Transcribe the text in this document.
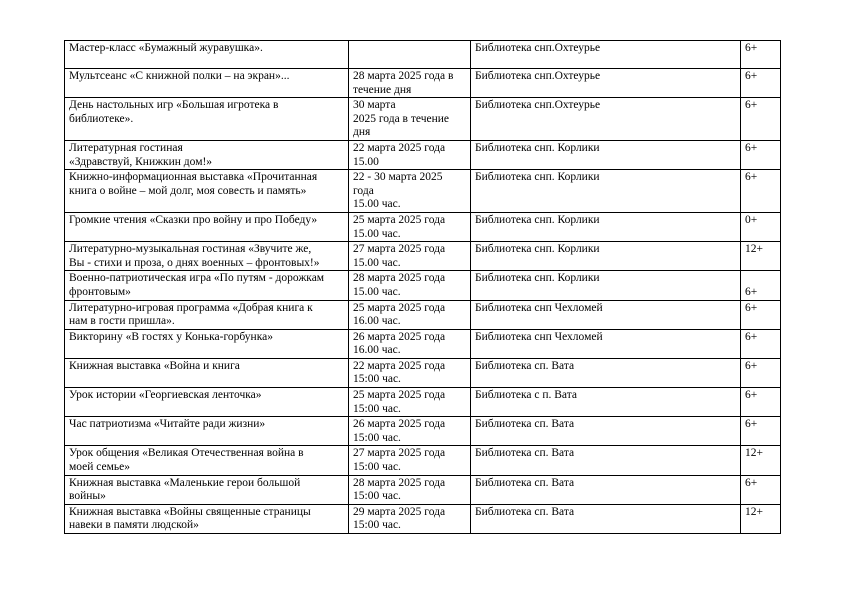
Мастер-класс «Бумажный журавушка».		Библиотека снп.Охтеурье	6+
Мультсеанс «С книжной полки – на экран»...	28 марта 2025 года в
течение дня	Библиотека снп.Охтеурье	6+
День настольных игр «Большая игротека в
библиотеке».	30 марта
2025 года в течение
дня	Библиотека снп.Охтеурье	6+
Литературная гостиная
«Здравствуй, Книжкин дом!»	22 марта 2025 года
15.00	Библиотека снп. Корлики	6+
Книжно-информационная выставка «Прочитанная
книга о войне – мой долг, моя совесть и память»	22 - 30 марта 2025
года
15.00 час.	Библиотека снп. Корлики	6+
Громкие чтения «Сказки про войну и про Победу»	25 марта 2025 года
15.00 час.	Библиотека снп. Корлики	0+
Литературно-музыкальная гостиная «Звучите же,
Вы - стихи и проза, о днях военных – фронтовых!»	27 марта 2025 года
15.00 час.	Библиотека снп. Корлики	12+
Военно-патриотическая игра «По путям - дорожкам
фронтовым»	28 марта 2025 года
15.00 час.	Библиотека снп. Корлики	6+
Литературно-игровая программа «Добрая книга к
нам в гости пришла».	25 марта 2025 года
16.00 час.	Библиотека снп Чехломей	6+
Викторину «В гостях у Конька-горбунка»	26 марта 2025 года
16.00 час.	Библиотека снп Чехломей	6+
Книжная выставка «Война и книга	22 марта 2025 года
15:00 час.	Библиотека сп. Вата	6+
Урок истории «Георгиевская ленточка»	25 марта 2025 года
15:00 час.	Библиотека с п. Вата	6+
Час патриотизма «Читайте ради жизни»	26 марта 2025 года
15:00 час.	Библиотека сп. Вата	6+
Урок общения «Великая Отечественная война в
моей семье»	27 марта 2025 года
15:00 час.	Библиотека сп. Вата	12+
Книжная выставка «Маленькие герои большой
войны»	28 марта 2025 года
15:00 час.	Библиотека сп. Вата	6+
Книжная выставка «Войны священные страницы
навеки в памяти людской»	29 марта 2025 года
15:00 час.	Библиотека сп. Вата	12+
